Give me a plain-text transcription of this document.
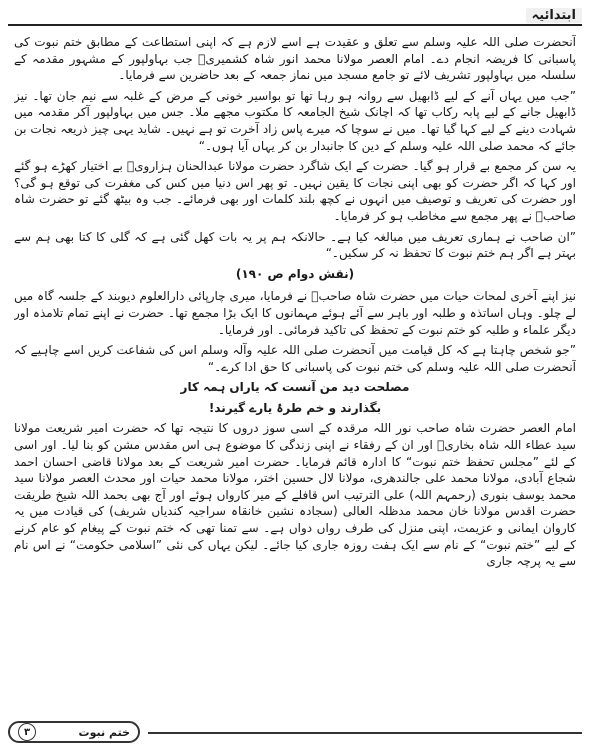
ابتدائیہ

آنحضرت صلی اللہ علیہ وسلم سے تعلق و عقیدت ہے اسے لازم ہے کہ اپنی استطاعت کے مطابق ختم نبوت کی پاسبانی کا فریضہ انجام دے۔ امام العصر مولانا محمد انور شاہ کشمیریؒ جب بہاولپور کے مشہور مقدمہ کے سلسلہ میں بہاولپور تشریف لائے تو جامع مسجد میں نماز جمعہ کے بعد حاضرین سے فرمایا۔

”جب میں یہاں آنے کے لیے ڈابھیل سے روانہ ہو رہا تھا تو بواسیر خونی کے مرض کے غلبہ سے نیم جان تھا۔ نیز ڈابھیل جانے کے لیے پابہ رکاب تھا کہ اچانک شیخ الجامعہ کا مکتوب مجھے ملا۔ جس میں بہاولپور آکر مقدمہ میں شہادت دینے کے لیے کہا گیا تھا۔ میں نے سوچا کہ میرے پاس زاد آخرت تو ہے نہیں۔ شاید یہی چیز ذریعہ نجات بن جائے کہ محمد صلی اللہ علیہ وسلم کے دین کا جانبدار بن کر یہاں آیا ہوں۔“

یہ سن کر مجمع بے قرار ہو گیا۔ حضرت کے ایک شاگرد حضرت مولانا عبدالحنان ہزارویؒ بے اختیار کھڑے ہو گئے اور کہا کہ اگر حضرت کو بھی اپنی نجات کا یقین نہیں۔ تو پھر اس دنیا میں کس کی مغفرت کی توقع ہو گی؟ اور حضرت کی تعریف و توصیف میں انہوں نے کچھ بلند کلمات اور بھی فرمائے۔ جب وہ بیٹھ گئے تو حضرت شاہ صاحبؒ نے پھر مجمع سے مخاطب ہو کر فرمایا۔

”ان صاحب نے ہماری تعریف میں مبالغہ کیا ہے۔ حالانکہ ہم پر یہ بات کھل گئی ہے کہ گلی کا کتا بھی ہم سے بہتر ہے اگر ہم ختم نبوت کا تحفظ نہ کر سکیں۔“

(نقش دوام ص ۱۹۰)

نیز اپنے آخری لمحات حیات میں حضرت شاہ صاحبؒ نے فرمایا، میری چارپائی دارالعلوم دیوبند کے جلسہ گاہ میں لے چلو۔ وہاں اساتذہ و طلبہ اور باہر سے آئے ہوئے مہمانوں کا ایک بڑا مجمع تھا۔ حضرت نے اپنے تمام تلامذہ اور دیگر علماء و طلبہ کو ختم نبوت کے تحفظ کی تاکید فرمائی۔ اور فرمایا۔

”جو شخص چاہتا ہے کہ کل قیامت میں آنحضرت صلی اللہ علیہ وآلہ وسلم اس کی شفاعت کریں اسے چاہیے کہ آنحضرت صلی اللہ علیہ وسلم کی ختم نبوت کی پاسبانی کا حق ادا کرے۔“

مصلحت دید من آنست کہ یاراں ہمہ کار
بگذارند و خم طرۂ یارے گیرند!

امام العصر حضرت شاہ صاحب نور اللہ مرقدہ کے اسی سوز دروں کا نتیجہ تھا کہ حضرت امیر شریعت مولانا سید عطاء اللہ شاہ بخاریؒ اور ان کے رفقاء نے اپنی زندگی کا موضوع ہی اس مقدس مشن کو بنا لیا۔ اور اسی کے لئے ”مجلس تحفظ ختم نبوت“ کا ادارہ قائم فرمایا۔ حضرت امیر شریعت کے بعد مولانا قاضی احسان احمد شجاع آبادی، مولانا محمد علی جالندھری، مولانا لال حسین اختر، مولانا محمد حیات اور محدث العصر مولانا سید محمد یوسف بنوری (رحمہم اللہ) علی الترتیب اس قافلے کے میر کارواں ہوئے اور آج بھی بحمد اللہ شیخ طریقت حضرت اقدس مولانا خان محمد مدظلہ العالی (سجادہ نشین خانقاہ سراجیہ کندیاں شریف) کی قیادت میں یہ کاروان ایمانی و عزیمت، اپنی منزل کی طرف رواں دواں ہے۔ سے تمنا تھی کہ ختم نبوت کے پیغام کو عام کرنے کے لیے ”ختم نبوت“ کے نام سے ایک ہفت روزہ جاری کیا جائے۔ لیکن یہاں کی نئی ”اسلامی حکومت“ نے اس نام سے یہ پرچہ جاری

۳	ختم نبوت
